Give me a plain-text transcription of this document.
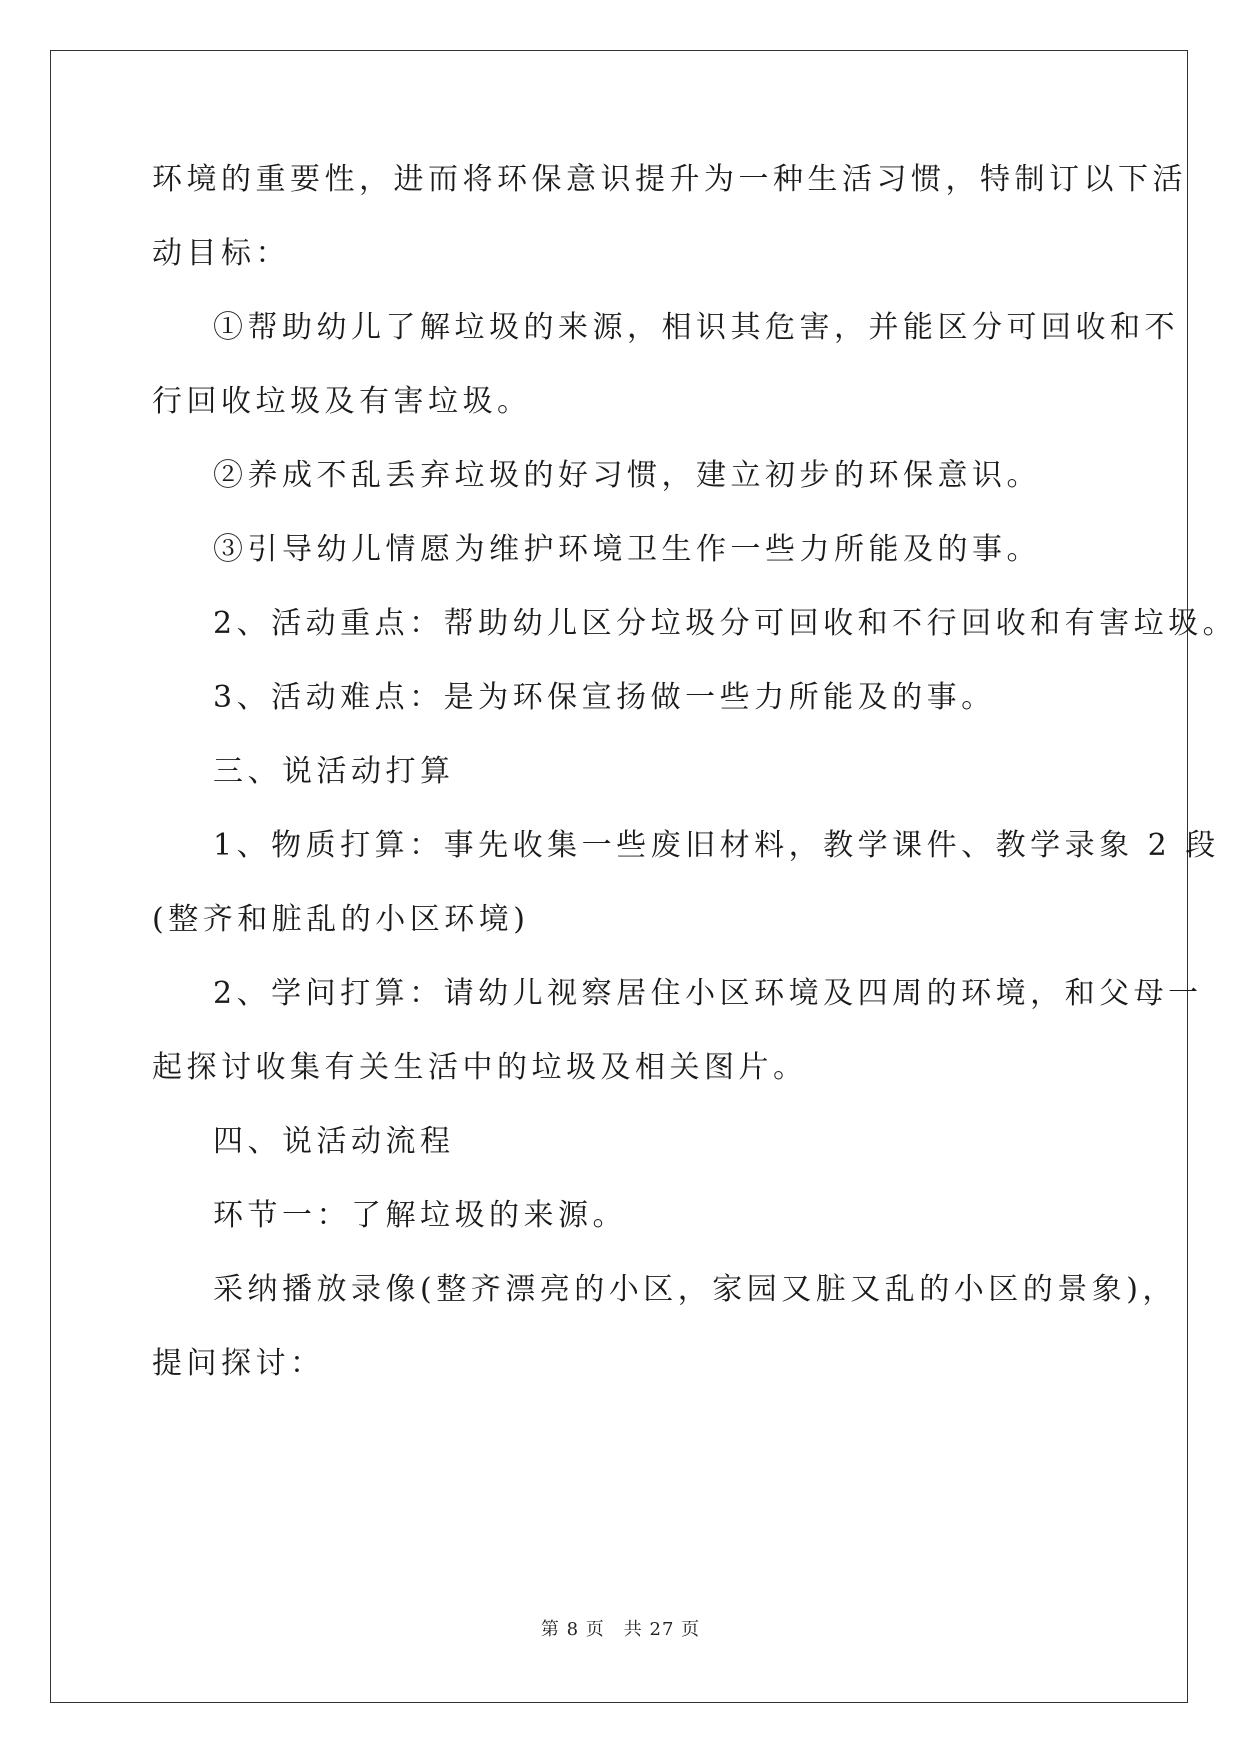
环境的重要性，进而将环保意识提升为一种生活习惯，特制订以下活
动目标：
①帮助幼儿了解垃圾的来源，相识其危害，并能区分可回收和不
行回收垃圾及有害垃圾。
②养成不乱丢弃垃圾的好习惯，建立初步的环保意识。
③引导幼儿情愿为维护环境卫生作一些力所能及的事。
2、活动重点：帮助幼儿区分垃圾分可回收和不行回收和有害垃圾。
3、活动难点：是为环保宣扬做一些力所能及的事。
三、说活动打算
1、物质打算：事先收集一些废旧材料，教学课件、教学录象 2 段
(整齐和脏乱的小区环境)
2、学问打算：请幼儿视察居住小区环境及四周的环境，和父母一
起探讨收集有关生活中的垃圾及相关图片。
四、说活动流程
环节一：了解垃圾的来源。
采纳播放录像(整齐漂亮的小区，家园又脏又乱的小区的景象)，
提问探讨：
第 8 页　共 27 页
